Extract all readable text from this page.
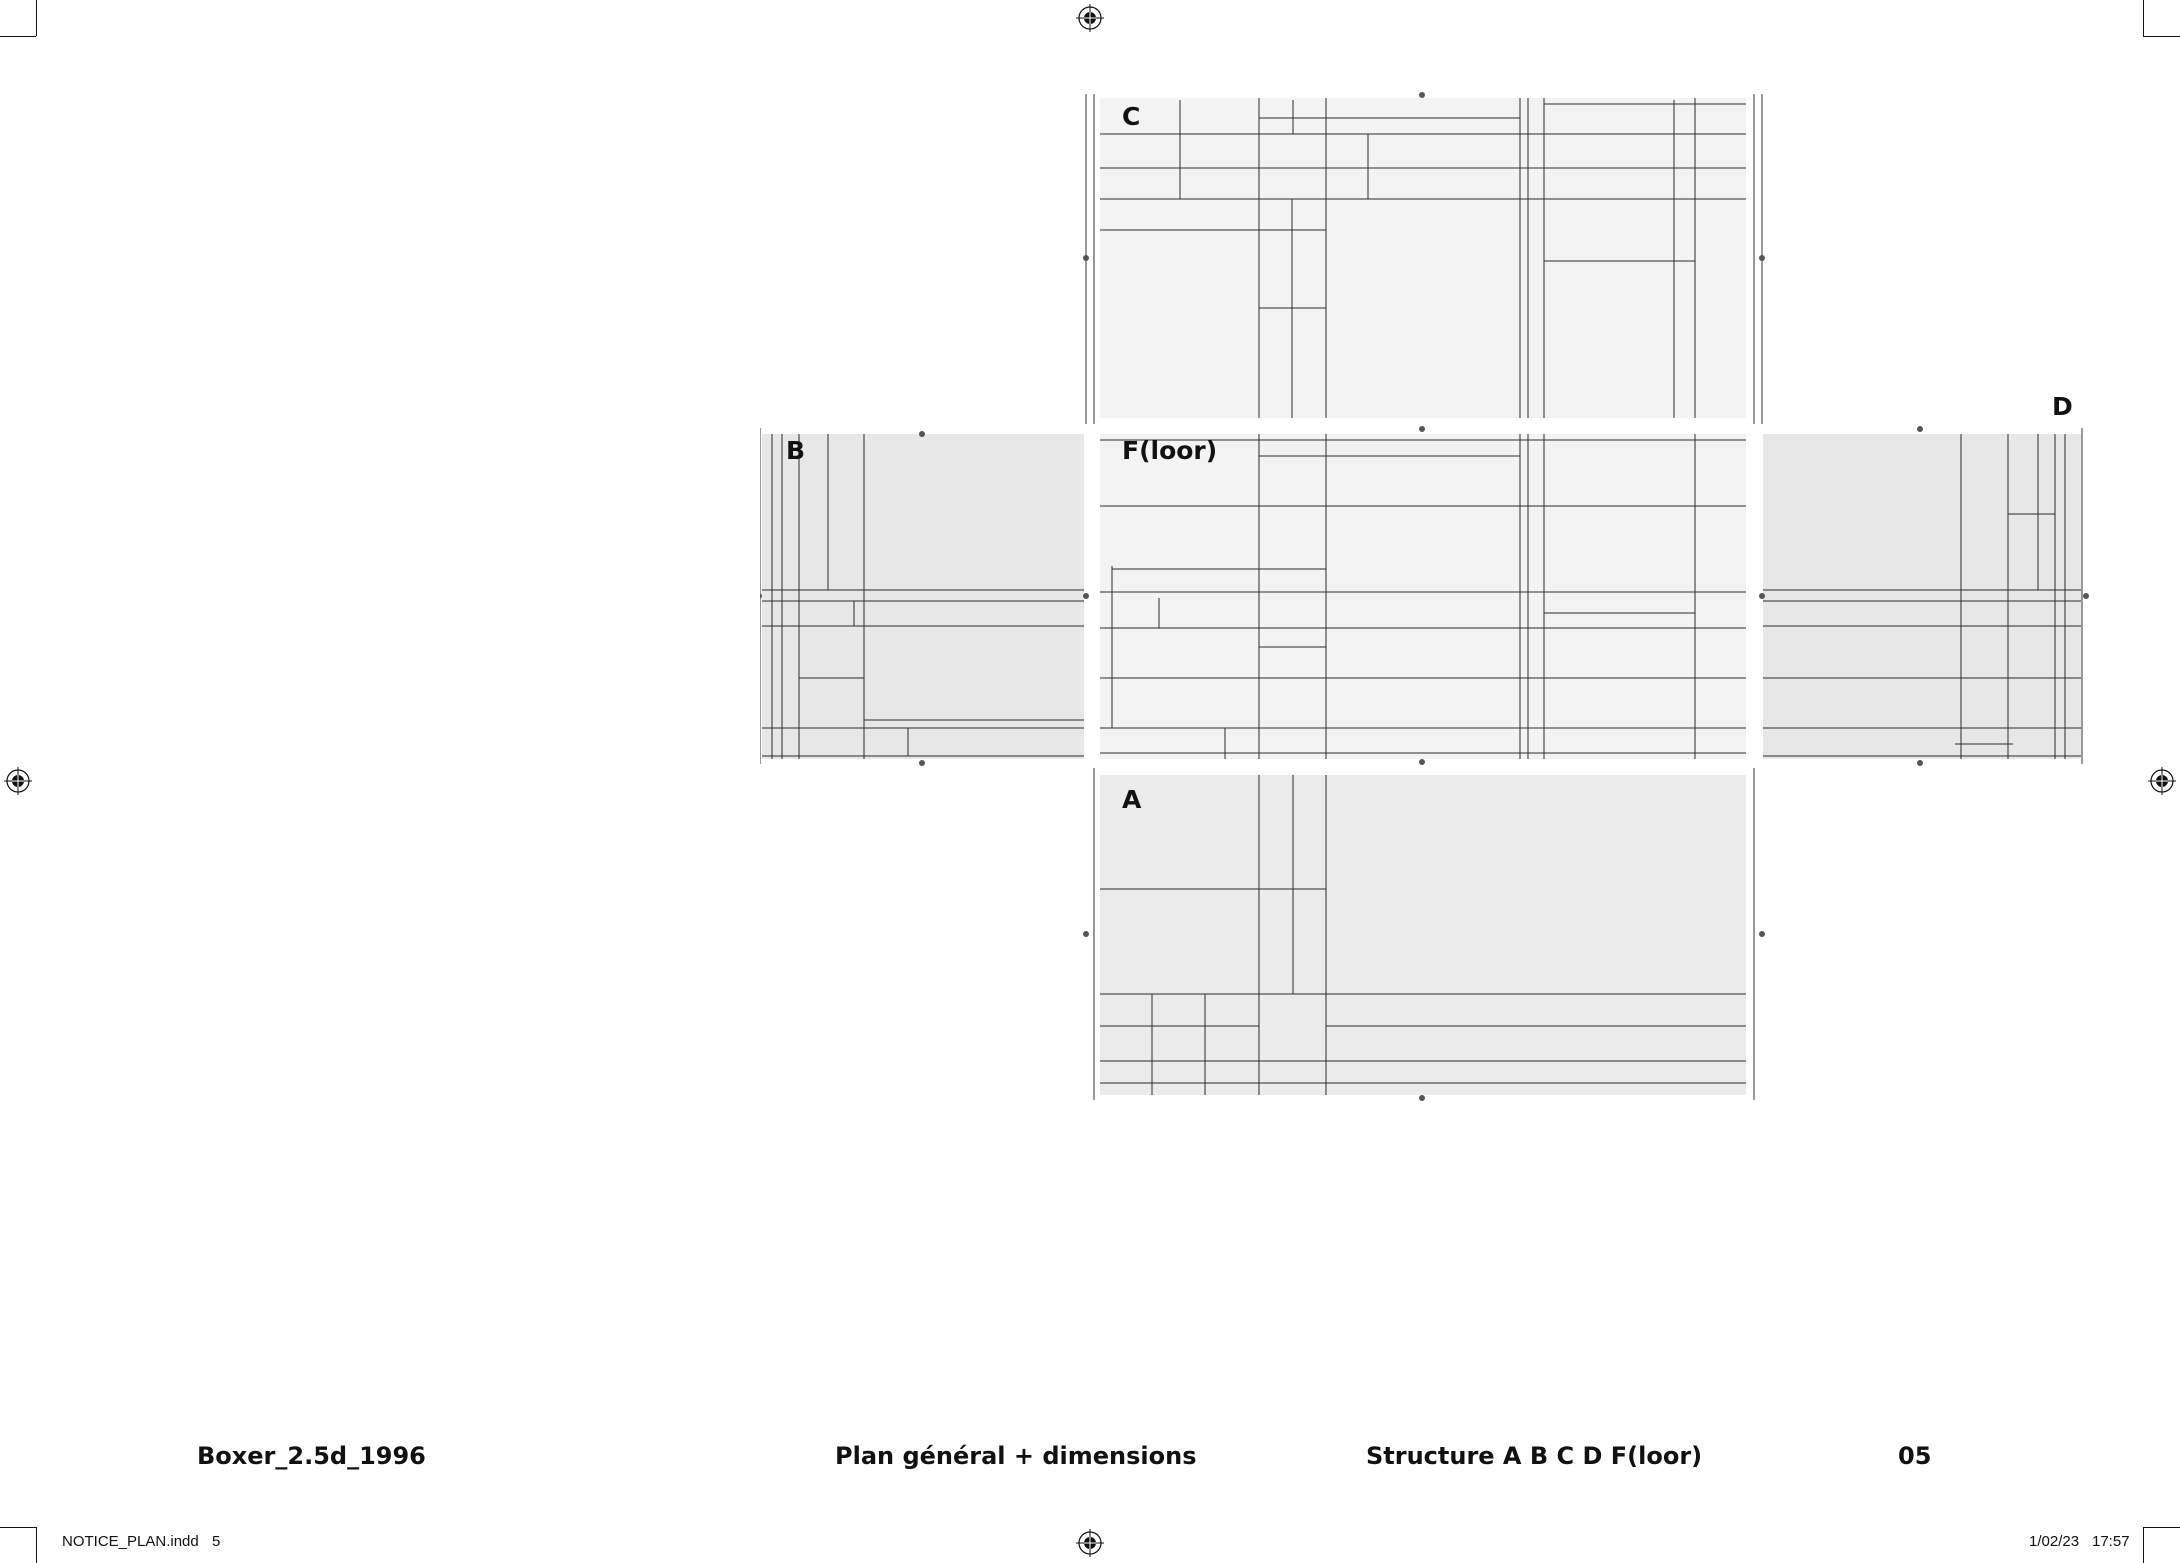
C
F(loor)
B
D
A
Boxer_2.5d_1996	Plan général + dimensions	Structure A B C D F(loor)	05
NOTICE_PLAN.indd 5	1/02/23 17:57
